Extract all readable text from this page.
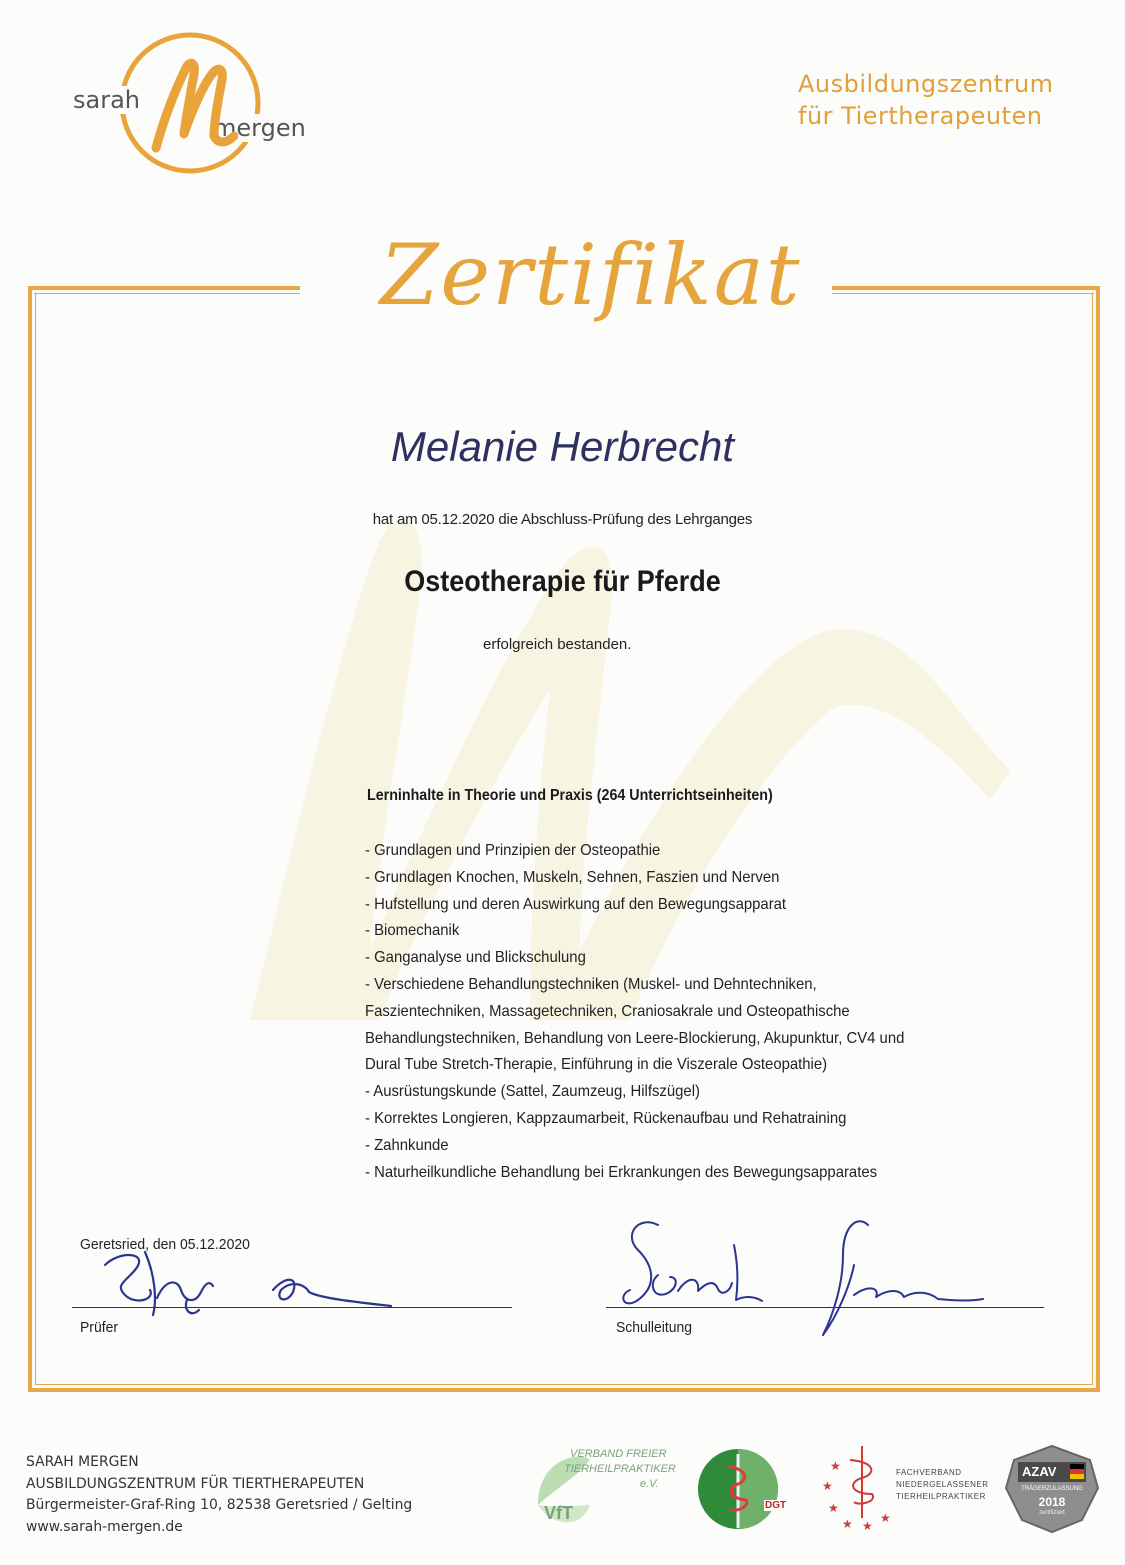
sarah
mergen
Ausbildungszentrum
für Tiertherapeuten
Zertifikat
Melanie Herbrecht
hat am 05.12.2020 die Abschluss-Prüfung des Lehrganges
Osteotherapie für Pferde
erfolgreich bestanden.
Lerninhalte in Theorie und Praxis (264 Unterrichtseinheiten)
- Grundlagen und Prinzipien der Osteopathie
- Grundlagen Knochen, Muskeln, Sehnen, Faszien und Nerven
- Hufstellung und deren Auswirkung auf den Bewegungsapparat
- Biomechanik
- Ganganalyse und Blickschulung
- Verschiedene Behandlungstechniken (Muskel- und Dehntechniken,
Faszientechniken, Massagetechniken, Craniosakrale und Osteopathische
Behandlungstechniken, Behandlung von Leere-Blockierung, Akupunktur, CV4 und
Dural Tube Stretch-Therapie, Einführung in die Viszerale Osteopathie)
- Ausrüstungskunde (Sattel, Zaumzeug, Hilfszügel)
- Korrektes Longieren, Kappzaumarbeit, Rückenaufbau und Rehatraining
- Zahnkunde
- Naturheilkundliche Behandlung bei Erkrankungen des Bewegungsapparates
Geretsried, den 05.12.2020
Prüfer	Schulleitung
SARAH MERGEN
AUSBILDUNGSZENTRUM FÜR TIERTHERAPEUTEN
Bürgermeister-Graf-Ring 10, 82538 Geretsried / Gelting
www.sarah-mergen.de
VERBAND FREIER
TIERHEILPRAKTIKER
e.V.
VfT	DGT
★
★
★
★ ★
★
FACHVERBAND
NIEDERGELASSENER
TIERHEILPRAKTIKER
AZAV
TRÄGERZULASSUNG
2018
zertifiziert
